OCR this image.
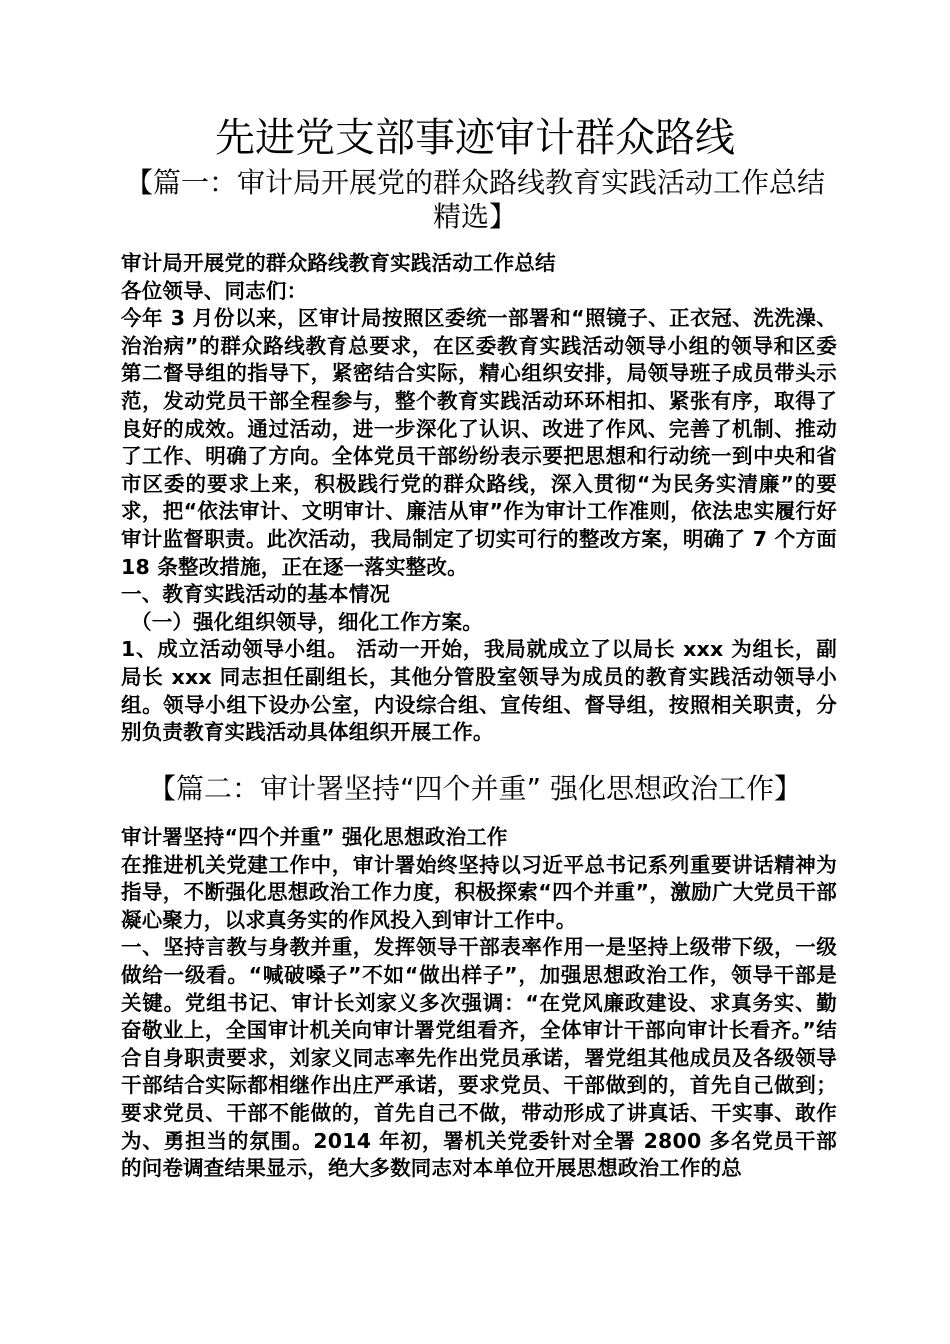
先进党支部事迹审计群众路线
【篇一：审计局开展党的群众路线教育实践活动工作总结精选】

审计局开展党的群众路线教育实践活动工作总结

各位领导、同志们：

今年 3 月份以来，区审计局按照区委统一部署和“照镜子、正衣冠、洗洗澡、治治病”的群众路线教育总要求，在区委教育实践活动领导小组的领导和区委第二督导组的指导下，紧密结合实际，精心组织安排，局领导班子成员带头示范，发动党员干部全程参与，整个教育实践活动环环相扣、紧张有序，取得了良好的成效。通过活动，进一步深化了认识、改进了作风、完善了机制、推动了工作、明确了方向。全体党员干部纷纷表示要把思想和行动统一到中央和省市区委的要求上来，积极践行党的群众路线，深入贯彻“为民务实清廉”的要求，把“依法审计、文明审计、廉洁从审”作为审计工作准则，依法忠实履行好审计监督职责。此次活动，我局制定了切实可行的整改方案，明确了 7 个方面 18 条整改措施，正在逐一落实整改。

一、教育实践活动的基本情况

（一）强化组织领导，细化工作方案。

1、成立活动领导小组。 活动一开始，我局就成立了以局长 xxx 为组长，副局长 xxx 同志担任副组长，其他分管股室领导为成员的教育实践活动领导小组。领导小组下设办公室，内设综合组、宣传组、督导组，按照相关职责，分别负责教育实践活动具体组织开展工作。

【篇二：审计署坚持“四个并重” 强化思想政治工作】

审计署坚持“四个并重” 强化思想政治工作

在推进机关党建工作中，审计署始终坚持以习近平总书记系列重要讲话精神为指导，不断强化思想政治工作力度，积极探索“四个并重”，激励广大党员干部凝心聚力，以求真务实的作风投入到审计工作中。

一、坚持言教与身教并重，发挥领导干部表率作用一是坚持上级带下级，一级做给一级看。“喊破嗓子”不如“做出样子”，加强思想政治工作，领导干部是关键。党组书记、审计长刘家义多次强调：“在党风廉政建设、求真务实、勤奋敬业上，全国审计机关向审计署党组看齐，全体审计干部向审计长看齐。”结合自身职责要求，刘家义同志率先作出党员承诺，署党组其他成员及各级领导干部结合实际都相继作出庄严承诺，要求党员、干部做到的，首先自己做到；要求党员、干部不能做的，首先自己不做，带动形成了讲真话、干实事、敢作为、勇担当的氛围。2014 年初，署机关党委针对全署 2800 多名党员干部的问卷调查结果显示，绝大多数同志对本单位开展思想政治工作的总
